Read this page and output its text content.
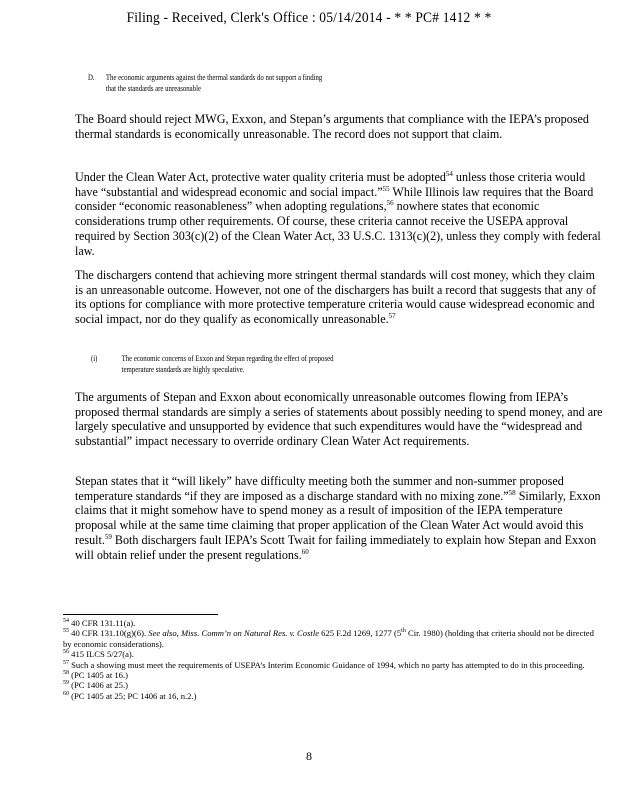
Filing - Received, Clerk's Office : 05/14/2014 - * * PC# 1412 * *
D. The economic arguments against the thermal standards do not support a finding
that the standards are unreasonable

The Board should reject MWG, Exxon, and Stepan’s arguments that compliance with the IEPA’s proposed thermal standards is economically unreasonable. The record does not support that claim.

Under the Clean Water Act, protective water quality criteria must be adopted$^{54}$ unless those criteria would have “substantial and widespread economic and social impact.”$^{55}$ While Illinois law requires that the Board consider “economic reasonableness” when adopting regulations,$^{56}$ nowhere states that economic considerations trump other requirements. Of course, these criteria cannot receive the USEPA approval required by Section 303(c)(2) of the Clean Water Act, 33 U.S.C. 1313(c)(2), unless they comply with federal law.

The dischargers contend that achieving more stringent thermal standards will cost money, which they claim is an unreasonable outcome. However, not one of the dischargers has built a record that suggests that any of its options for compliance with more protective temperature criteria would cause widespread economic and social impact, nor do they qualify as economically unreasonable.$^{57}$

(i)	The economic concerns of Exxon and Stepan regarding the effect of proposed
temperature standards are highly speculative.

The arguments of Stepan and Exxon about economically unreasonable outcomes flowing from IEPA’s proposed thermal standards are simply a series of statements about possibly needing to spend money, and are largely speculative and unsupported by evidence that such expenditures would have the “widespread and substantial” impact necessary to override ordinary Clean Water Act requirements.

Stepan states that it “will likely” have difficulty meeting both the summer and non-summer proposed temperature standards “if they are imposed as a discharge standard with no mixing zone.”$^{58}$ Similarly, Exxon claims that it might somehow have to spend money as a result of imposition of the IEPA temperature proposal while at the same time claiming that proper application of the Clean Water Act would avoid this result.$^{59}$ Both dischargers fault IEPA’s Scott Twait for failing immediately to explain how Stepan and Exxon will obtain relief under the present regulations.$^{60}$

$^{54}$ 40 CFR 131.11(a).

$^{55}$ 40 CFR 131.10(g)(6). See also, Miss. Comm’n on Natural Res. v. Costle 625 F.2d 1269, 1277 (5th Cir. 1980) (holding that criteria should not be directed by economic considerations).

$^{56}$ 415 ILCS 5/27(a).

$^{57}$ Such a showing must meet the requirements of USEPA’s Interim Economic Guidance of 1994, which no party has attempted to do in this proceeding.

$^{58}$ (PC 1405 at 16.)

$^{59}$ (PC 1406 at 25.)

$^{60}$ (PC 1405 at 25; PC 1406 at 16, n.2.)

8
